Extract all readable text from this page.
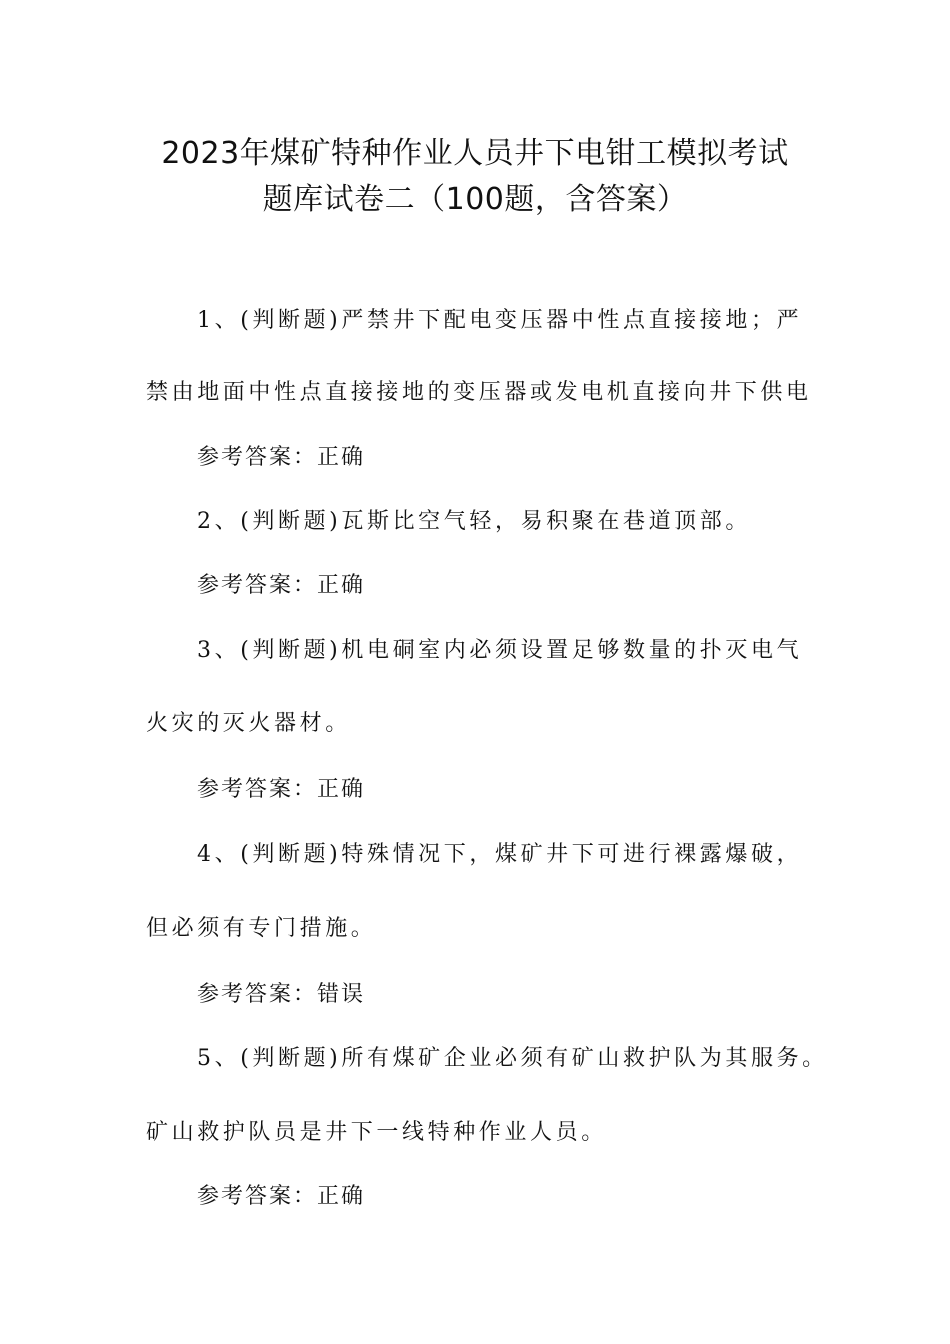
2023年煤矿特种作业人员井下电钳工模拟考试
题库试卷二（100题，含答案）
1、(判断题)严禁井下配电变压器中性点直接接地；严
禁由地面中性点直接接地的变压器或发电机直接向井下供电
参考答案：正确
2、(判断题)瓦斯比空气轻，易积聚在巷道顶部。
参考答案：正确
3、(判断题)机电硐室内必须设置足够数量的扑灭电气
火灾的灭火器材。
参考答案：正确
4、(判断题)特殊情况下，煤矿井下可进行裸露爆破，
但必须有专门措施。
参考答案：错误
5、(判断题)所有煤矿企业必须有矿山救护队为其服务。
矿山救护队员是井下一线特种作业人员。
参考答案：正确
